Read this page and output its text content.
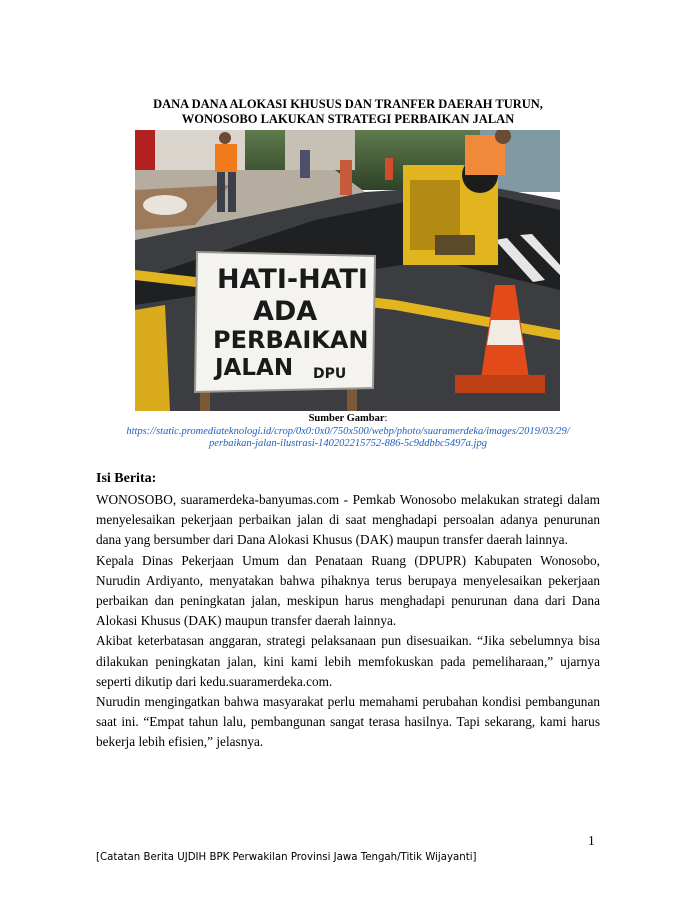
DANA DANA ALOKASI KHUSUS DAN TRANFER DAERAH TURUN,
WONOSOBO LAKUKAN STRATEGI PERBAIKAN JALAN
HATI-HATI
ADA
PERBAIKAN
JALAN DPU
Sumber Gambar:
https://static.promediateknologi.id/crop/0x0:0x0/750x500/webp/photo/suaramerdeka/images/2019/03/29/
perbaikan-jalan-ilustrasi-140202215752-886-5c9ddbbc5497a.jpg
Isi Berita:

WONOSOBO, suaramerdeka-banyumas.com - Pemkab Wonosobo melakukan strategi dalam menyelesaikan pekerjaan perbaikan jalan di saat menghadapi persoalan adanya penurunan dana yang bersumber dari Dana Alokasi Khusus (DAK) maupun transfer daerah lainnya.

Kepala Dinas Pekerjaan Umum dan Penataan Ruang (DPUPR) Kabupaten Wonosobo, Nurudin Ardiyanto, menyatakan bahwa pihaknya terus berupaya menyelesaikan pekerjaan perbaikan dan peningkatan jalan, meskipun harus menghadapi penurunan dana dari Dana Alokasi Khusus (DAK) maupun transfer daerah lainnya.

Akibat keterbatasan anggaran, strategi pelaksanaan pun disesuaikan. “Jika sebelumnya bisa dilakukan peningkatan jalan, kini kami lebih memfokuskan pada pemeliharaan,” ujarnya seperti dikutip dari kedu.suaramerdeka.com.

Nurudin mengingatkan bahwa masyarakat perlu memahami perubahan kondisi pembangunan saat ini. “Empat tahun lalu, pembangunan sangat terasa hasilnya. Tapi sekarang, kami harus bekerja lebih efisien,” jelasnya.

1
[Catatan Berita UJDIH BPK Perwakilan Provinsi Jawa Tengah/Titik Wijayanti]
